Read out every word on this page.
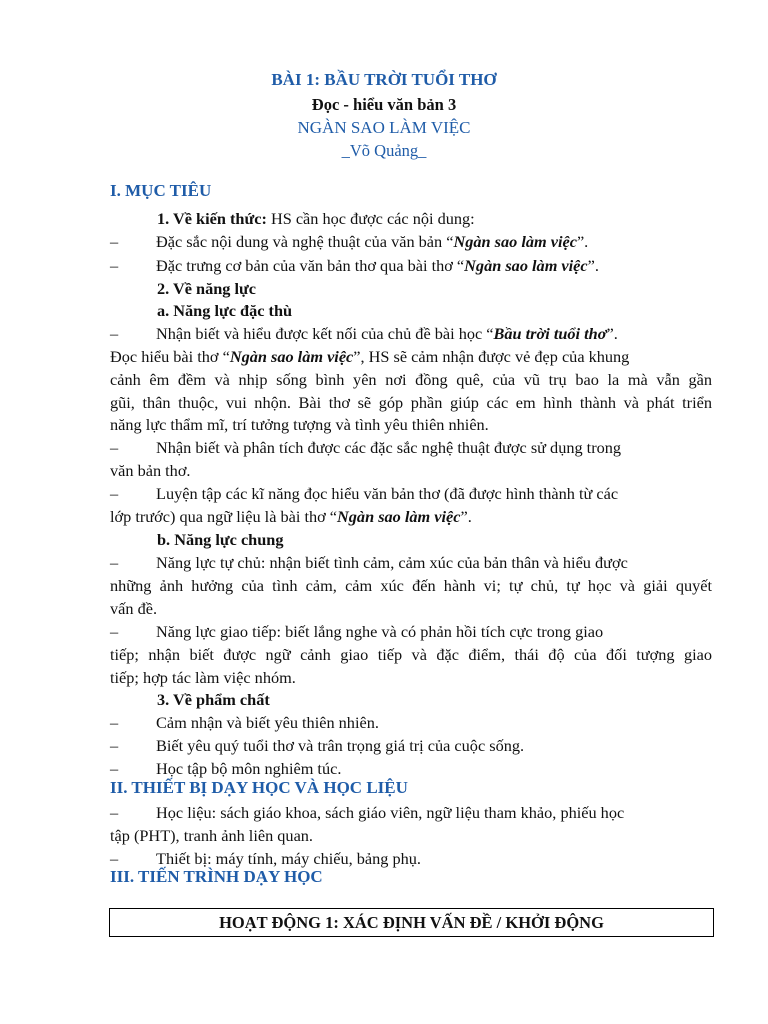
BÀI 1: BẦU TRỜI TUỔI THƠ
Đọc - hiểu văn bản 3
NGÀN SAO LÀM VIỆC
_Võ Quảng_
I. MỤC TIÊU
1. Về kiến thức: HS cần học được các nội dung:
– Đặc sắc nội dung và nghệ thuật của văn bản “Ngàn sao làm việc”.
– Đặc trưng cơ bản của văn bản thơ qua bài thơ “Ngàn sao làm việc”.
2. Về năng lực
a. Năng lực đặc thù
– Nhận biết và hiểu được kết nối của chủ đề bài học “Bầu trời tuổi thơ”.
Đọc hiểu bài thơ “Ngàn sao làm việc”, HS sẽ cảm nhận được vẻ đẹp của khung
cảnh êm đềm và nhịp sống bình yên nơi đồng quê, của vũ trụ bao la mà vẫn gần
gũi, thân thuộc, vui nhộn. Bài thơ sẽ góp phần giúp các em hình thành và phát triển
năng lực thẩm mĩ, trí tưởng tượng và tình yêu thiên nhiên.
– Nhận biết và phân tích được các đặc sắc nghệ thuật được sử dụng trong
văn bản thơ.
– Luyện tập các kĩ năng đọc hiểu văn bản thơ (đã được hình thành từ các
lớp trước) qua ngữ liệu là bài thơ “Ngàn sao làm việc”.
b. Năng lực chung
– Năng lực tự chủ: nhận biết tình cảm, cảm xúc của bản thân và hiểu được
những ảnh hưởng của tình cảm, cảm xúc đến hành vi; tự chủ, tự học và giải quyết
vấn đề.
– Năng lực giao tiếp: biết lắng nghe và có phản hồi tích cực trong giao
tiếp; nhận biết được ngữ cảnh giao tiếp và đặc điểm, thái độ của đối tượng giao
tiếp; hợp tác làm việc nhóm.
3. Về phẩm chất
– Cảm nhận và biết yêu thiên nhiên.
– Biết yêu quý tuổi thơ và trân trọng giá trị của cuộc sống.
– Học tập bộ môn nghiêm túc.
II. THIẾT BỊ DẠY HỌC VÀ HỌC LIỆU
– Học liệu: sách giáo khoa, sách giáo viên, ngữ liệu tham khảo, phiếu học
tập (PHT), tranh ảnh liên quan.
– Thiết bị: máy tính, máy chiếu, bảng phụ.
III. TIẾN TRÌNH DẠY HỌC
HOẠT ĐỘNG 1: XÁC ĐỊNH VẤN ĐỀ / KHỞI ĐỘNG
